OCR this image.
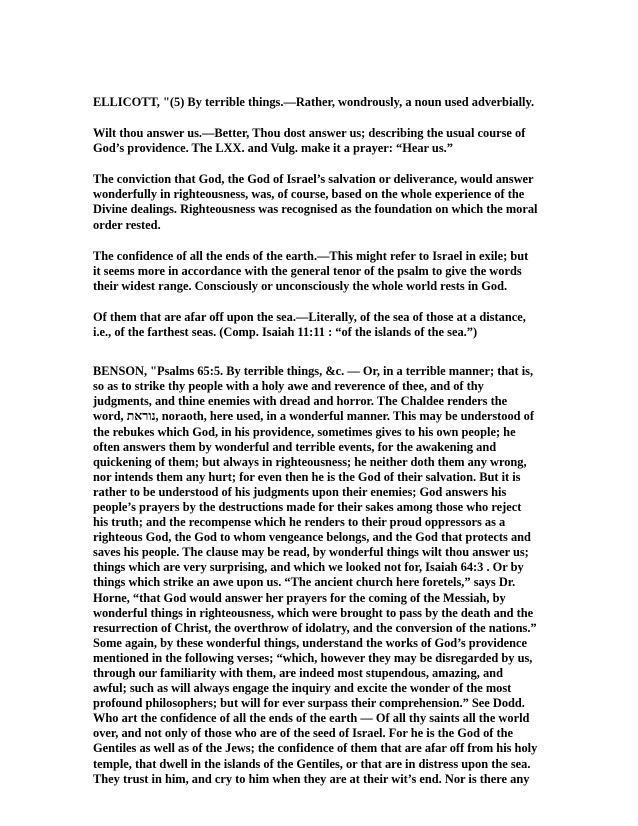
ELLICOTT, "(5) By terrible things.—Rather, wondrously, a noun used adverbially.

Wilt thou answer us.—Better, Thou dost answer us; describing the usual course of
God’s providence. The LXX. and Vulg. make it a prayer: “Hear us.”

The conviction that God, the God of Israel’s salvation or deliverance, would answer
wonderfully in righteousness, was, of course, based on the whole experience of the
Divine dealings. Righteousness was recognised as the foundation on which the moral
order rested.

The confidence of all the ends of the earth.—This might refer to Israel in exile; but
it seems more in accordance with the general tenor of the psalm to give the words
their widest range. Consciously or unconsciously the whole world rests in God.

Of them that are afar off upon the sea.—Literally, of the sea of those at a distance,
i.e., of the farthest seas. (Comp. Isaiah 11:11 : “of the islands of the sea.”)

BENSON, "Psalms 65:5. By terrible things, &c. — Or, in a terrible manner; that is,
so as to strike thy people with a holy awe and reverence of thee, and of thy
judgments, and thine enemies with dread and horror. The Chaldee renders the
word, נוראת, noraoth, here used, in a wonderful manner. This may be understood of
the rebukes which God, in his providence, sometimes gives to his own people; he
often answers them by wonderful and terrible events, for the awakening and
quickening of them; but always in righteousness; he neither doth them any wrong,
nor intends them any hurt; for even then he is the God of their salvation. But it is
rather to be understood of his judgments upon their enemies; God answers his
people’s prayers by the destructions made for their sakes among those who reject
his truth; and the recompense which he renders to their proud oppressors as a
righteous God, the God to whom vengeance belongs, and the God that protects and
saves his people. The clause may be read, by wonderful things wilt thou answer us;
things which are very surprising, and which we looked not for, Isaiah 64:3 . Or by
things which strike an awe upon us. “The ancient church here foretels,” says Dr.
Horne, “that God would answer her prayers for the coming of the Messiah, by
wonderful things in righteousness, which were brought to pass by the death and the
resurrection of Christ, the overthrow of idolatry, and the conversion of the nations.”
Some again, by these wonderful things, understand the works of God’s providence
mentioned in the following verses; “which, however they may be disregarded by us,
through our familiarity with them, are indeed most stupendous, amazing, and
awful; such as will always engage the inquiry and excite the wonder of the most
profound philosophers; but will for ever surpass their comprehension.” See Dodd.
Who art the confidence of all the ends of the earth — Of all thy saints all the world
over, and not only of those who are of the seed of Israel. For he is the God of the
Gentiles as well as of the Jews; the confidence of them that are afar off from his holy
temple, that dwell in the islands of the Gentiles, or that are in distress upon the sea.
They trust in him, and cry to him when they are at their wit’s end. Nor is there any
